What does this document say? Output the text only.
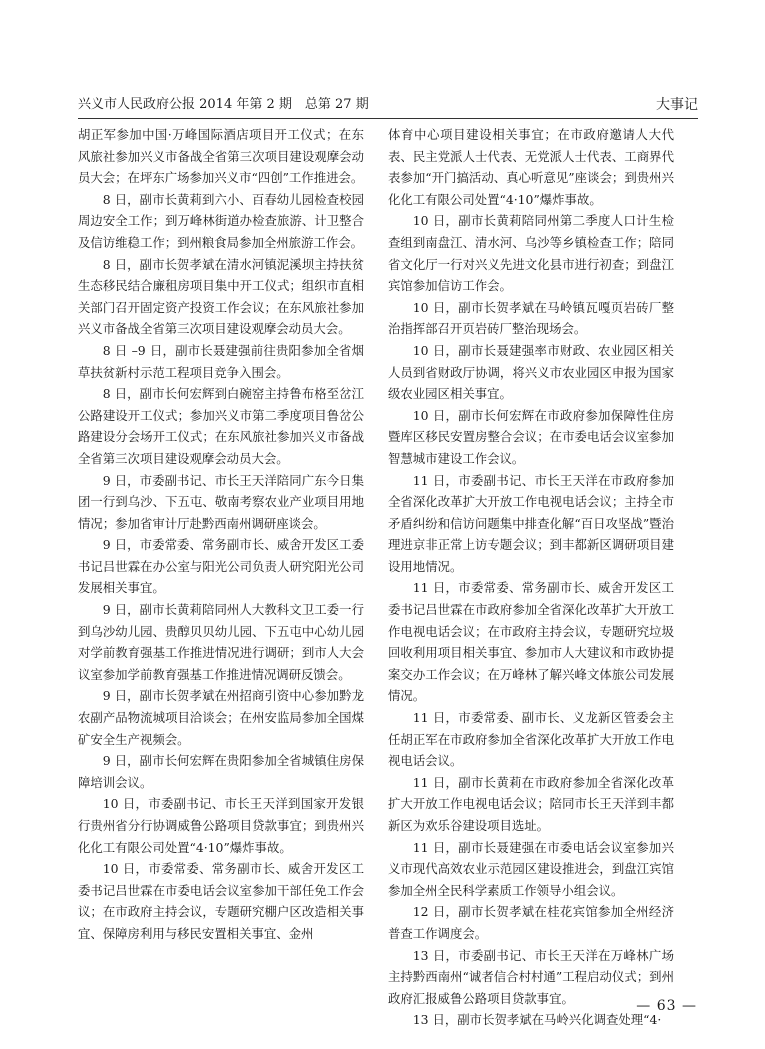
兴义市人民政府公报 2014 年第 2 期　总第 27 期	大事记

胡正军参加中国·万峰国际酒店项目开工仪式；在东风旅社参加兴义市备战全省第三次项目建设观摩会动员大会；在坪东广场参加兴义市“四创”工作推进会。

8 日，副市长黄莉到六小、百春幼儿园检查校园周边安全工作；到万峰林街道办检查旅游、计卫整合及信访维稳工作；到州粮食局参加全州旅游工作会。

8 日，副市长贺孝斌在清水河镇泥溪坝主持扶贫生态移民结合廉租房项目集中开工仪式；组织市直相关部门召开固定资产投资工作会议；在东风旅社参加兴义市备战全省第三次项目建设观摩会动员大会。

8 日 –9 日，副市长聂建强前往贵阳参加全省烟草扶贫新村示范工程项目竞争入围会。

8 日，副市长何宏辉到白碗窑主持鲁布格至岔江公路建设开工仪式；参加兴义市第二季度项目鲁岔公路建设分会场开工仪式；在东风旅社参加兴义市备战全省第三次项目建设观摩会动员大会。

9 日，市委副书记、市长王天洋陪同广东今日集团一行到乌沙、下五屯、敬南考察农业产业项目用地情况；参加省审计厅赴黔西南州调研座谈会。

9 日，市委常委、常务副市长、威舍开发区工委书记吕世霖在办公室与阳光公司负责人研究阳光公司发展相关事宜。

9 日，副市长黄莉陪同州人大教科文卫工委一行到乌沙幼儿园、贵醇贝贝幼儿园、下五屯中心幼儿园对学前教育强基工作推进情况进行调研；到市人大会议室参加学前教育强基工作推进情况调研反馈会。

9 日，副市长贺孝斌在州招商引资中心参加黔龙农副产品物流城项目洽谈会；在州安监局参加全国煤矿安全生产视频会。

9 日，副市长何宏辉在贵阳参加全省城镇住房保障培训会议。

10 日，市委副书记、市长王天洋到国家开发银行贵州省分行协调威鲁公路项目贷款事宜；到贵州兴化化工有限公司处置“4·10”爆炸事故。

10 日，市委常委、常务副市长、威舍开发区工委书记吕世霖在市委电话会议室参加干部任免工作会议；在市政府主持会议，专题研究棚户区改造相关事宜、保障房利用与移民安置相关事宜、金州

体育中心项目建设相关事宜；在市政府邀请人大代表、民主党派人士代表、无党派人士代表、工商界代表参加“开门搞活动、真心听意见”座谈会；到贵州兴化化工有限公司处置“4·10”爆炸事故。

10 日，副市长黄莉陪同州第二季度人口计生检查组到南盘江、清水河、乌沙等乡镇检查工作；陪同省文化厅一行对兴义先进文化县市进行初查；到盘江宾馆参加信访工作会。

10 日，副市长贺孝斌在马岭镇瓦嘎页岩砖厂整治指挥部召开页岩砖厂整治现场会。

10 日，副市长聂建强率市财政、农业园区相关人员到省财政厅协调，将兴义市农业园区申报为国家级农业园区相关事宜。

10 日，副市长何宏辉在市政府参加保障性住房暨库区移民安置房整合会议；在市委电话会议室参加智慧城市建设工作会议。

11 日，市委副书记、市长王天洋在市政府参加全省深化改革扩大开放工作电视电话会议；主持全市矛盾纠纷和信访问题集中排查化解“百日攻坚战”暨治理进京非正常上访专题会议；到丰都新区调研项目建设用地情况。

11 日，市委常委、常务副市长、威舍开发区工委书记吕世霖在市政府参加全省深化改革扩大开放工作电视电话会议；在市政府主持会议，专题研究垃圾回收利用项目相关事宜、参加市人大建议和市政协提案交办工作会议；在万峰林了解兴峰文体旅公司发展情况。

11 日，市委常委、副市长、义龙新区管委会主任胡正军在市政府参加全省深化改革扩大开放工作电视电话会议。

11 日，副市长黄莉在市政府参加全省深化改革扩大开放工作电视电话会议；陪同市长王天洋到丰都新区为欢乐谷建设项目选址。

11 日，副市长聂建强在市委电话会议室参加兴义市现代高效农业示范园区建设推进会，到盘江宾馆参加全州全民科学素质工作领导小组会议。

12 日，副市长贺孝斌在桂花宾馆参加全州经济普查工作调度会。

13 日，市委副书记、市长王天洋在万峰林广场主持黔西南州“诚者信合村村通”工程启动仪式；到州政府汇报威鲁公路项目贷款事宜。

13 日，副市长贺孝斌在马岭兴化调查处理“4·

— 63 —
